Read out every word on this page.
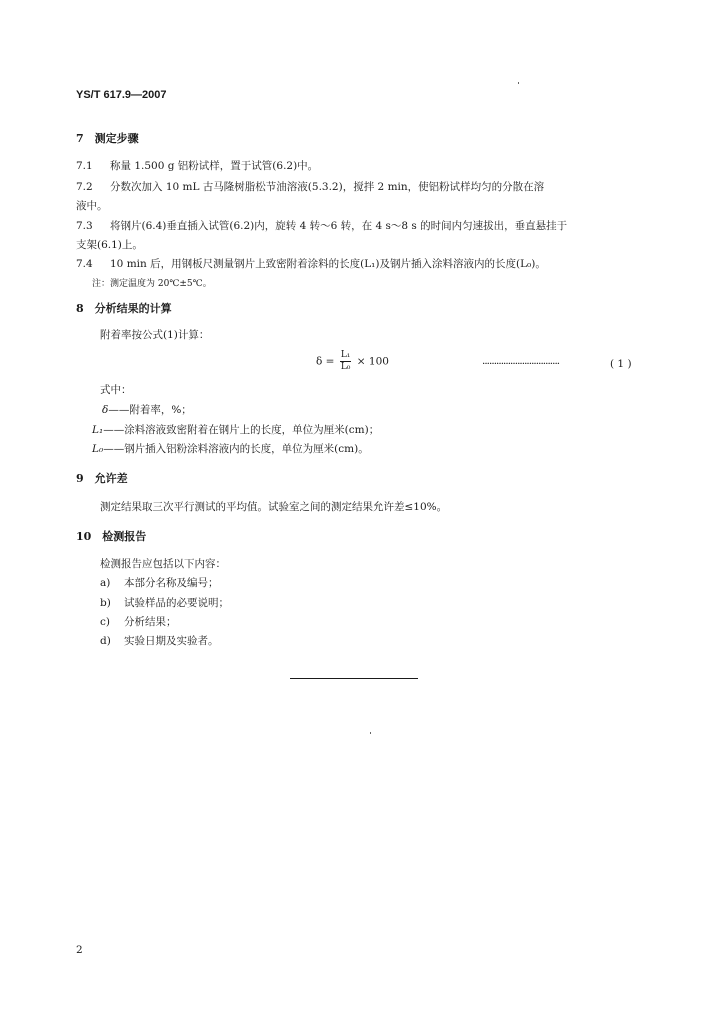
YS/T 617.9—2007
7　测定步骤
7.1 称量 1.500 g 铝粉试样，置于试管(6.2)中。
7.2 分数次加入 10 mL 古马隆树脂松节油溶液(5.3.2)，搅拌 2 min，使铝粉试样均匀的分散在溶
液中。
7.3 将钢片(6.4)垂直插入试管(6.2)内，旋转 4 转～6 转，在 4 s～8 s 的时间内匀速拔出，垂直悬挂于
支架(6.1)上。
7.4 10 min 后，用钢板尺测量钢片上致密附着涂料的长度(L₁)及钢片插入涂料溶液内的长度(L₀)。
注：测定温度为 20℃±5℃。
8　分析结果的计算
附着率按公式(1)计算：
$\delta = \frac{\text{L₁}}{\text{L₀}} \times 100$	·································	( 1 )
式中：
δ——附着率，%；
L₁——涂料溶液致密附着在钢片上的长度，单位为厘米(cm)；
L₀——钢片插入铝粉涂料溶液内的长度，单位为厘米(cm)。
9　允许差
测定结果取三次平行测试的平均值。试验室之间的测定结果允许差≤10%。
10　检测报告
检测报告应包括以下内容：
a) 本部分名称及编号；
b) 试验样品的必要说明；
c) 分析结果；
d) 实验日期及实验者。
2
